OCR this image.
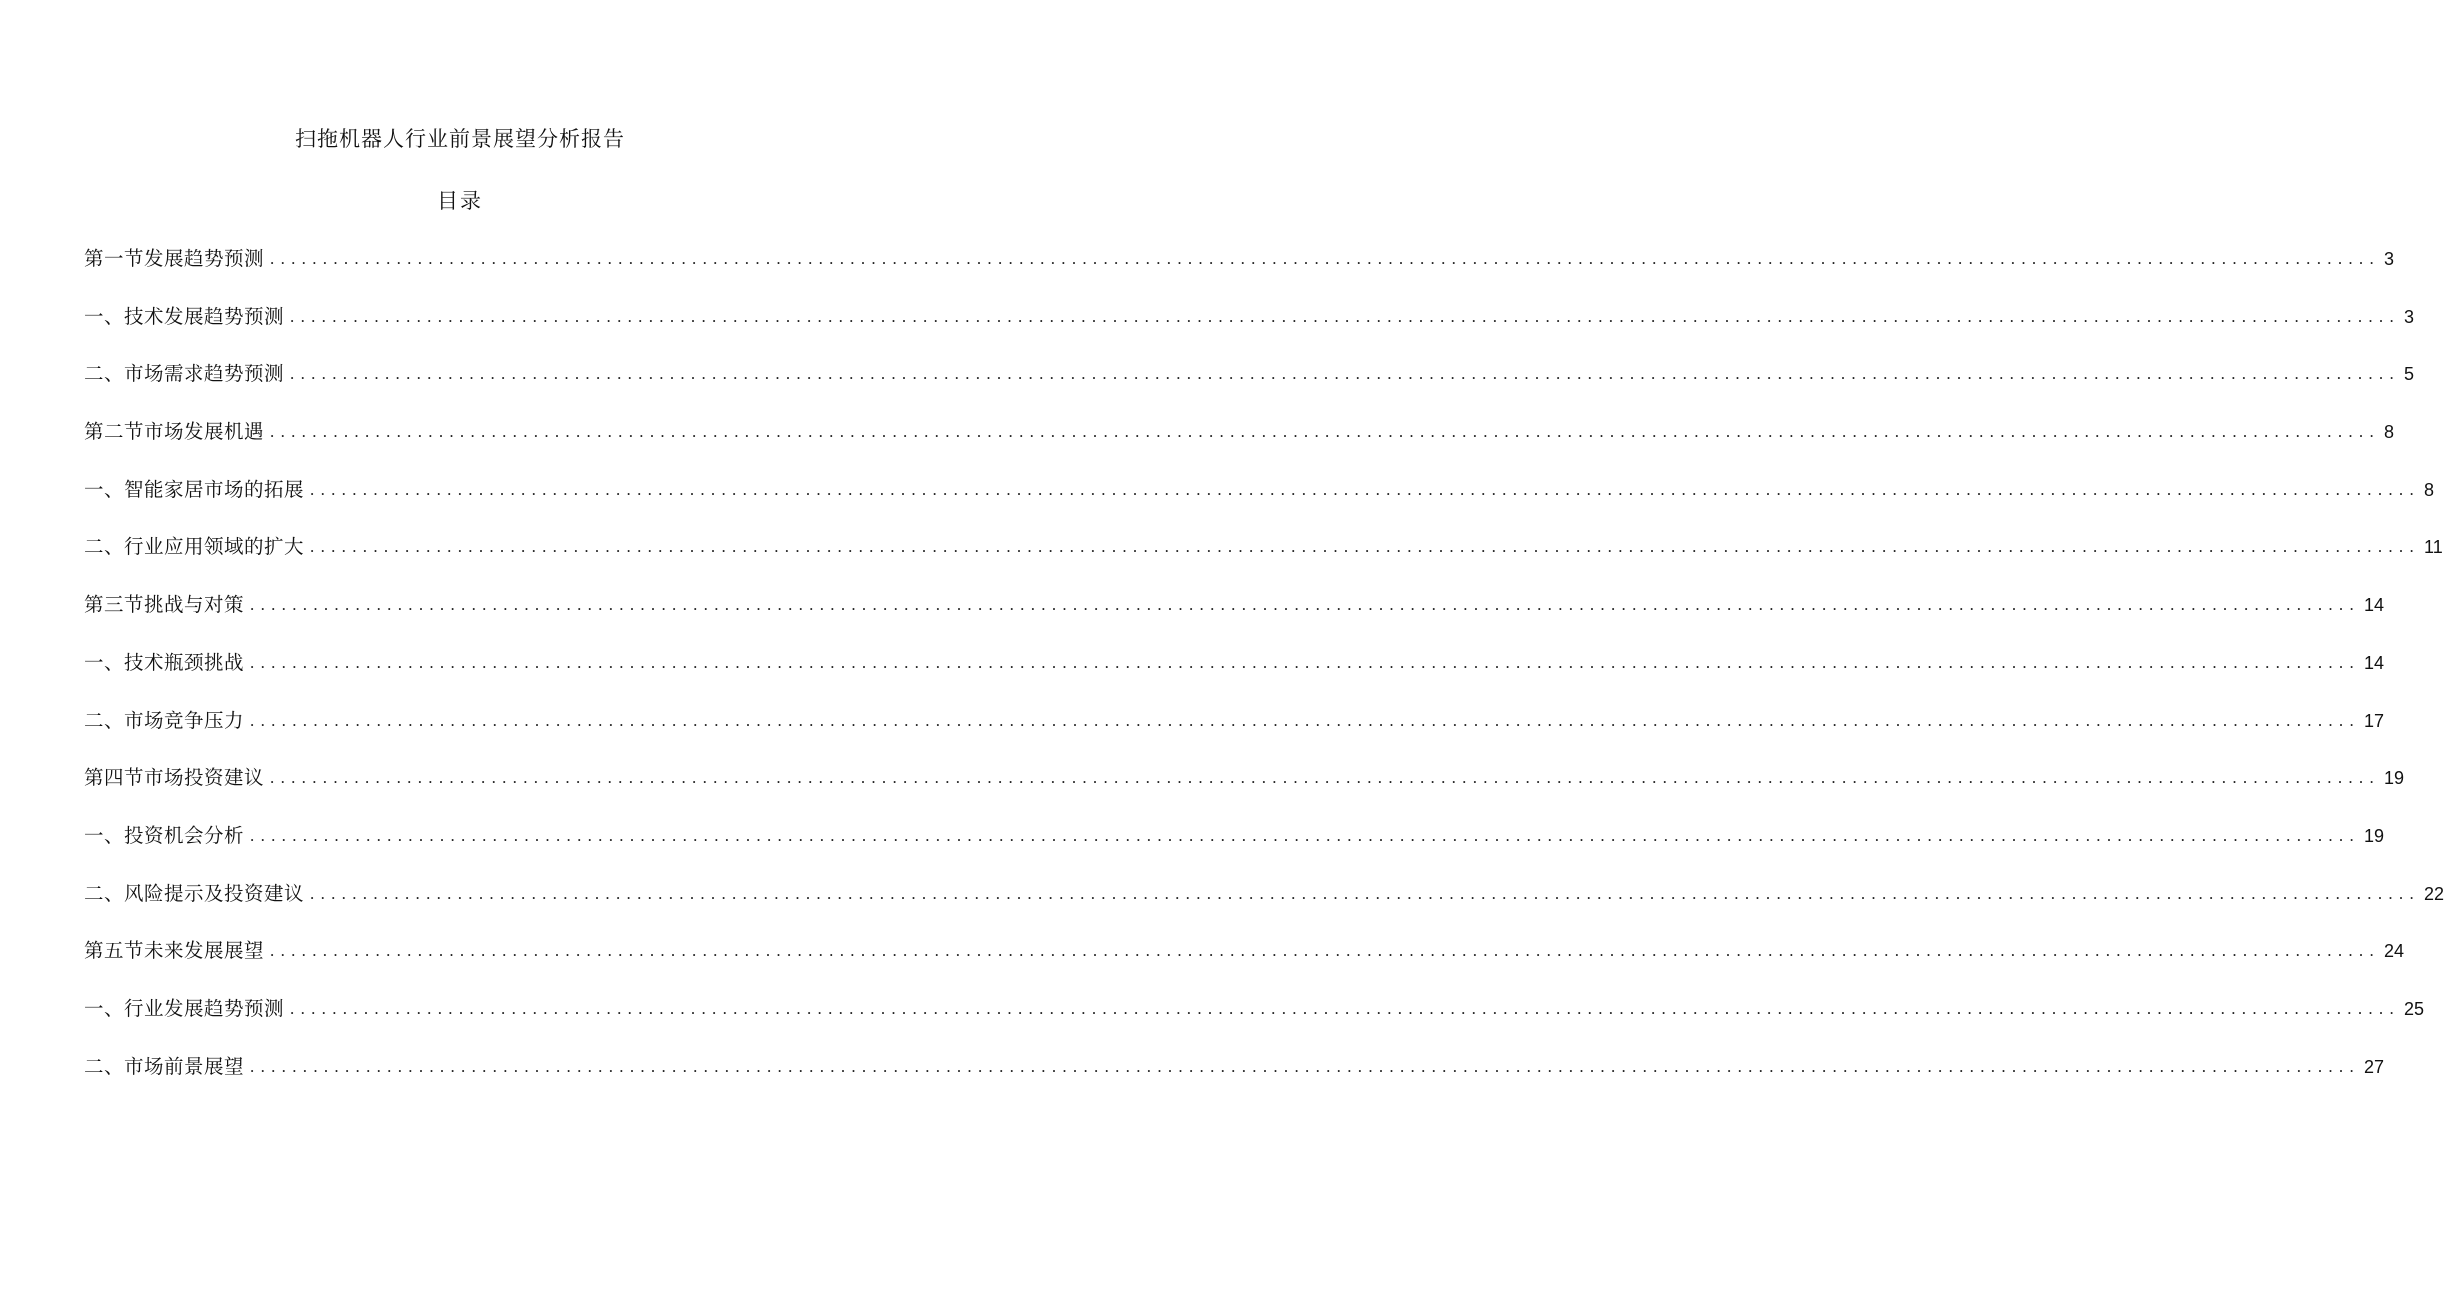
扫拖机器人行业前景展望分析报告
目录
第一节发展趋势预测 ........................................................................................................................................................................................................ 3
一、技术发展趋势预测 ........................................................................................................................................................................................................ 3
二、市场需求趋势预测 ........................................................................................................................................................................................................ 5
第二节市场发展机遇 ........................................................................................................................................................................................................ 8
一、智能家居市场的拓展 ........................................................................................................................................................................................................ 8
二、行业应用领域的扩大 ........................................................................................................................................................................................................ 11
第三节挑战与对策 ........................................................................................................................................................................................................ 14
一、技术瓶颈挑战 ........................................................................................................................................................................................................ 14
二、市场竞争压力 ........................................................................................................................................................................................................ 17
第四节市场投资建议 ........................................................................................................................................................................................................ 19
一、投资机会分析 ........................................................................................................................................................................................................ 19
二、风险提示及投资建议 ........................................................................................................................................................................................................ 22
第五节未来发展展望 ........................................................................................................................................................................................................ 24
一、行业发展趋势预测 ........................................................................................................................................................................................................ 25
二、市场前景展望 ........................................................................................................................................................................................................ 27
